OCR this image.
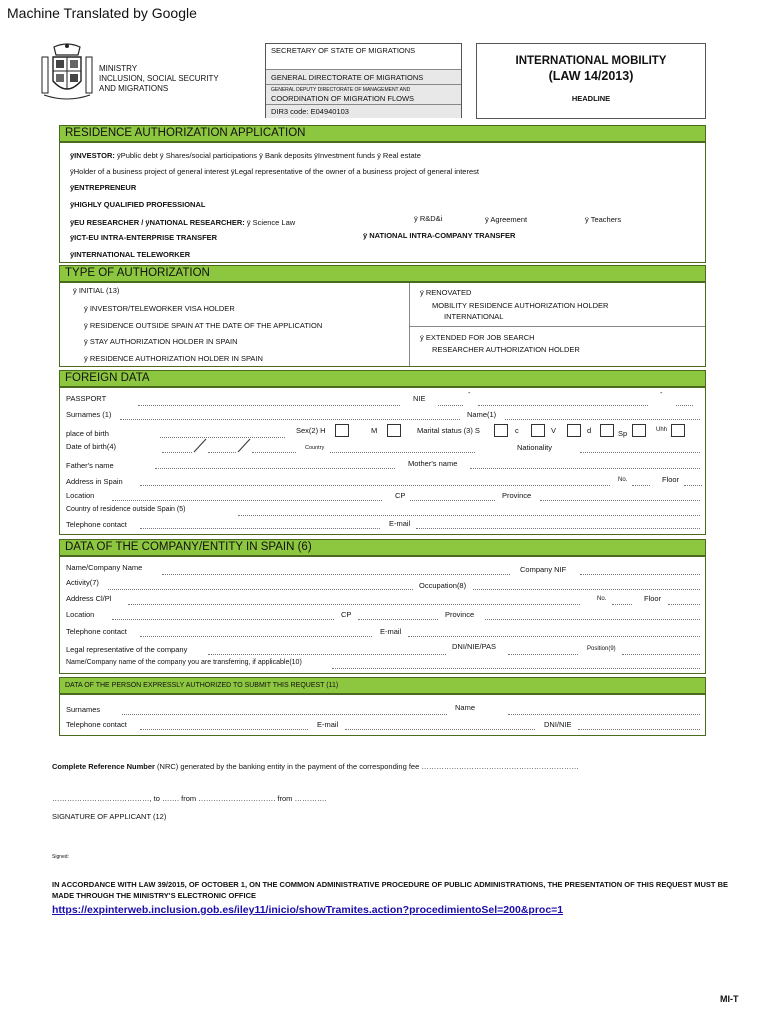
Machine Translated by Google
MINISTRY
INCLUSION, SOCIAL SECURITY
AND MIGRATIONS
SECRETARY OF STATE OF MIGRATIONS
GENERAL DIRECTORATE OF MIGRATIONS
GENERAL DEPUTY DIRECTORATE OF MANAGEMENT AND
COORDINATION OF MIGRATION FLOWS
DIR3 code: E04940103
INTERNATIONAL MOBILITY
(LAW 14/2013)
HEADLINE
RESIDENCE AUTHORIZATION APPLICATION
ÿINVESTOR: ÿPublic debt ÿ Shares/social participations ÿ Bank deposits ÿInvestment funds ÿ Real estate
ÿHolder of a business project of general interest ÿLegal representative of the owner of a business project of general interest
ÿENTREPRENEUR
ÿHIGHLY QUALIFIED PROFESSIONAL
ÿEU RESEARCHER / ÿNATIONAL RESEARCHER: ÿ Science Law	ÿ R&D&i	ÿ Agreement	ÿ Teachers
ÿICT-EU INTRA-ENTERPRISE TRANSFER	ÿ NATIONAL INTRA-COMPANY TRANSFER
ÿINTERNATIONAL TELEWORKER
TYPE OF AUTHORIZATION
ÿ INITIAL (13)
ÿ INVESTOR/TELEWORKER VISA HOLDER
ÿ RESIDENCE OUTSIDE SPAIN AT THE DATE OF THE APPLICATION
ÿ STAY AUTHORIZATION HOLDER IN SPAIN
ÿ RESIDENCE AUTHORIZATION HOLDER IN SPAIN
ÿ RENOVATED
MOBILITY RESIDENCE AUTHORIZATION HOLDER
INTERNATIONAL
ÿ EXTENDED FOR JOB SEARCH
RESEARCHER AUTHORIZATION HOLDER
FOREIGN DATA
PASSPORT	NIE
-	-
Surnames (1)	Name(1)
place of birth	Sex(2) H	M	Marital status (3) S	c	V	d	Sp	Uhh
Date of birth(4)	Country	Nationality
Father's name	Mother's name
Address in Spain	No.	Floor
Location	CP	Province
Country of residence outside Spain (5)
Telephone contact	E-mail
DATA OF THE COMPANY/ENTITY IN SPAIN (6)
Name/Company Name	Company NIF
Activity(7)	Occupation(8)
Address Cl/Pl	No.	Floor
Location	CP	Province
Telephone contact	E-mail
Legal representative of the company	DNI/NIE/PAS	Position(9)
Name/Company name of the company you are transferring, if applicable(10)
DATA OF THE PERSON EXPRESSLY AUTHORIZED TO SUBMIT THIS REQUEST (11)
Surnames	Name
Telephone contact	E-mail	DNI/NIE
Complete Reference Number (NRC) generated by the banking entity in the payment of the corresponding fee ………………………………………………………
…………………………………, to ……. from …………………………. from ………….
SIGNATURE OF APPLICANT (12)
Signed:
IN ACCORDANCE WITH LAW 39/2015, OF OCTOBER 1, ON THE COMMON ADMINISTRATIVE PROCEDURE OF PUBLIC ADMINISTRATIONS, THE PRESENTATION OF THIS REQUEST MUST BE MADE THROUGH THE MINISTRY'S ELECTRONIC OFFICE
https://expinterweb.inclusion.gob.es/iley11/inicio/showTramites.action?procedimientoSel=200&proc=1
MI-T
